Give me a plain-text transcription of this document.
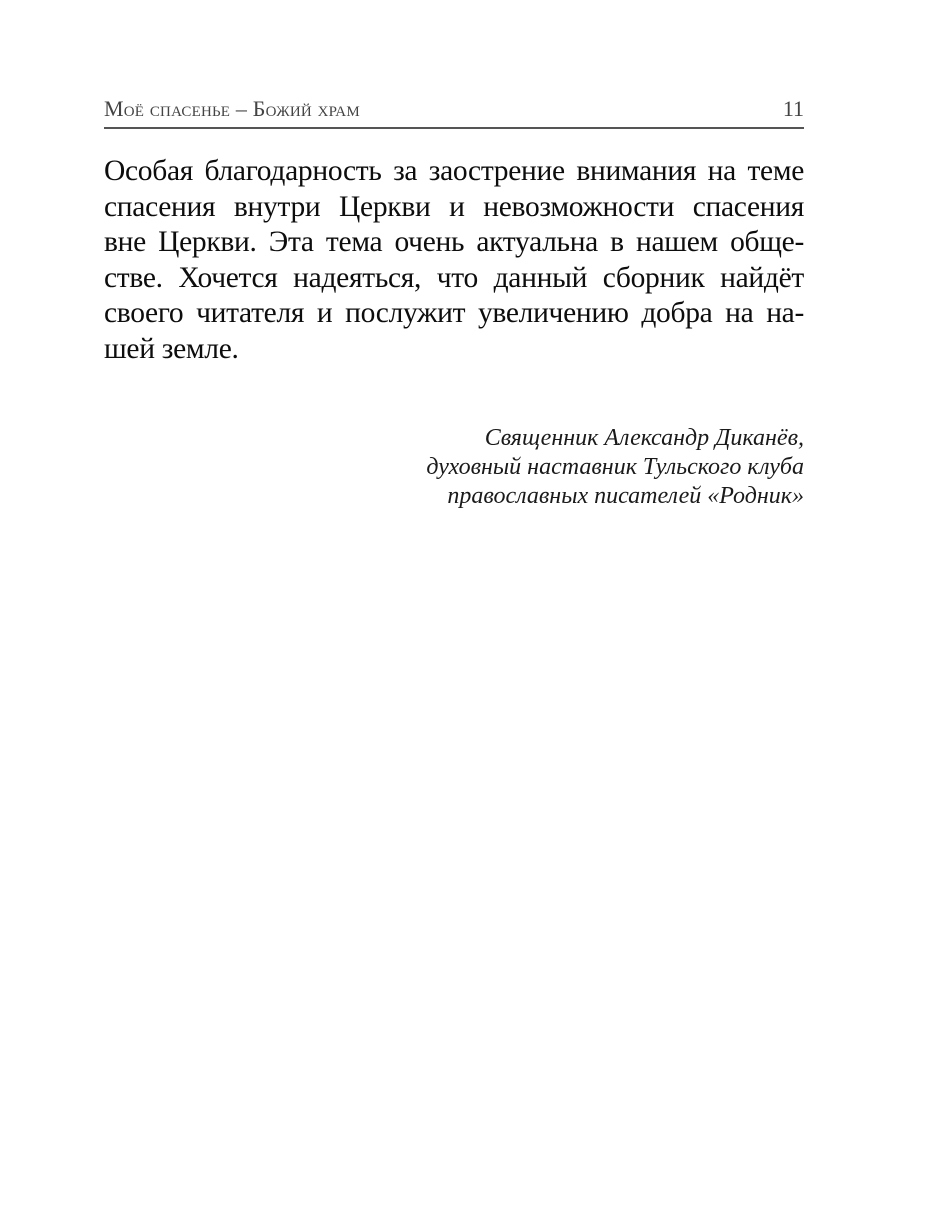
Моё спасенье – Божий храм	11
Особая благодарность за заострение внимания на теме
спасения внутри Церкви и невозможности спасения
вне Церкви. Эта тема очень актуальна в нашем обще-
стве. Хочется надеяться, что данный сборник найдёт
своего читателя и послужит увеличению добра на на-
шей земле.
Священник Александр Диканёв,
духовный наставник Тульского клуба
православных писателей «Родник»
